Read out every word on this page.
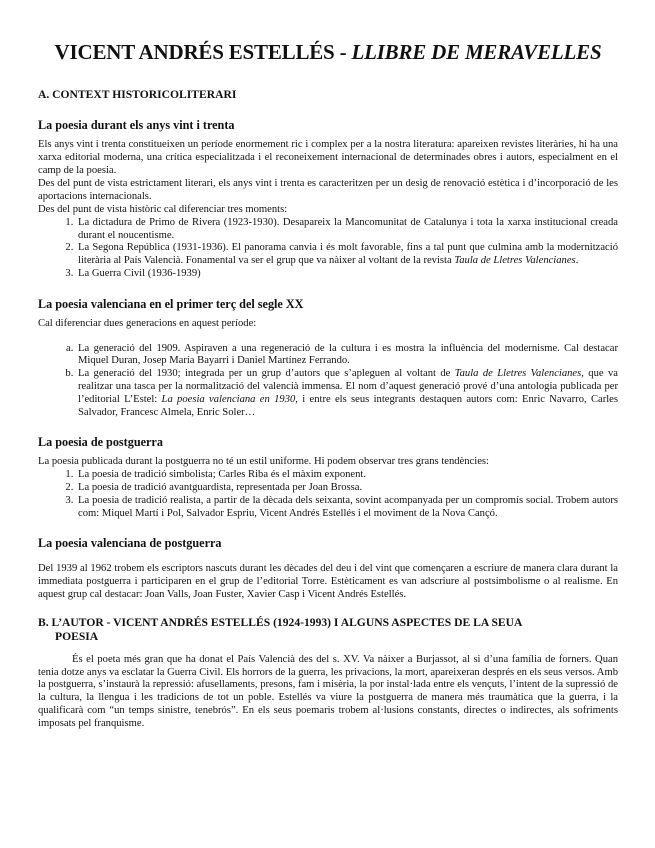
VICENT ANDRÉS ESTELLÉS - LLIBRE DE MERAVELLES
A. CONTEXT HISTORICOLITERARI
La poesia durant els anys vint i trenta

Els anys vint i trenta constitueixen un període enormement ric i complex per a la nostra literatura: apareixen revistes literàries, hi ha una xarxa editorial moderna, una crítica especialitzada i el reconeixement internacional de determinades obres i autors, especialment en el camp de la poesia.

Des del punt de vista estrictament literari, els anys vint i trenta es caracteritzen per un desig de renovació estètica i d’incorporació de les aportacions internacionals.

Des del punt de vista històric cal diferenciar tres moments:

1. La dictadura de Primo de Rivera (1923-1930). Desapareix la Mancomunitat de Catalunya i tota la xarxa institucional creada durant el noucentisme.
2. La Segona República (1931-1936). El panorama canvia i és molt favorable, fins a tal punt que culmina amb la modernització literària al País Valencià. Fonamental va ser el grup que va nàixer al voltant de la revista Taula de Lletres Valencianes.
3. La Guerra Civil (1936-1939)
La poesia valenciana en el primer terç del segle XX

Cal diferenciar dues generacions en aquest període:

a. La generació del 1909. Aspiraven a una regeneració de la cultura i es mostra la influència del modernisme. Cal destacar Miquel Duran, Josep María Bayarri i Daniel Martínez Ferrando.
b. La generació del 1930; integrada per un grup d’autors que s’apleguen al voltant de Taula de Lletres Valencianes, que va realitzar una tasca per la normalització del valencià immensa. El nom d’aquest generació prové d’una antologia publicada per l’editorial L’Estel: La poesia valenciana en 1930, i entre els seus integrants destaquen autors com: Enric Navarro, Carles Salvador, Francesc Almela, Enric Soler…
La poesia de postguerra

La poesia publicada durant la postguerra no té un estil uniforme. Hi podem observar tres grans tendències:

1. La poesia de tradició simbolista; Carles Riba és el màxim exponent.
2. La poesia de tradició avantguardista, representada per Joan Brossa.
3. La poesia de tradició realista, a partir de la dècada dels seixanta, sovint acompanyada per un compromís social. Trobem autors com: Miquel Martí i Pol, Salvador Espriu, Vicent Andrés Estellés i el moviment de la Nova Cançó.
La poesia valenciana de postguerra

Del 1939 al 1962 trobem els escriptors nascuts durant les dècades del deu i del vint que començaren a escriure de manera clara durant la immediata postguerra i participaren en el grup de l’editorial Torre. Estèticament es van adscriure al postsimbolisme o al realisme. En aquest grup cal destacar: Joan Valls, Joan Fuster, Xavier Casp i Vicent Andrés Estellés.

B. L’AUTOR - VICENT ANDRÉS ESTELLÉS (1924-1993) I ALGUNS ASPECTES DE LA SEUA
POESIA

És el poeta més gran que ha donat el País Valencià des del s. XV. Va nàixer a Burjassot, al si d’una família de forners. Quan tenia dotze anys va esclatar la Guerra Civil. Els horrors de la guerra, les privacions, la mort, apareixeran després en els seus versos. Amb la postguerra, s’instaurà la repressió: afusellaments, presons, fam i misèria, la por instal·lada entre els vençuts, l’intent de la supressió de la cultura, la llengua i les tradicions de tot un poble. Estellés va viure la postguerra de manera més traumàtica que la guerra, i la qualificarà com “un temps sinistre, tenebrós”. En els seus poemaris trobem al·lusions constants, directes o indirectes, als sofriments imposats pel franquisme.
